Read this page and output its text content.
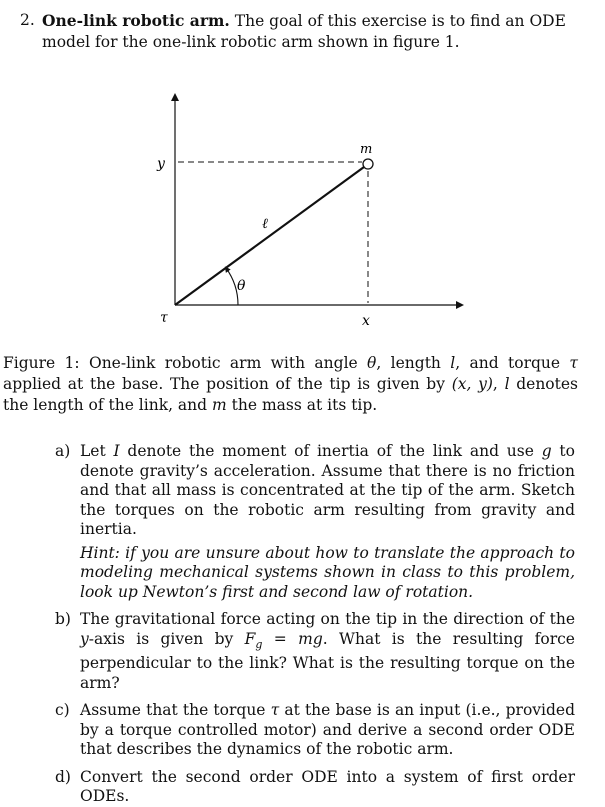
2. One-link robotic arm. The goal of this exercise is to find an ODE model for the one-link robotic arm shown in figure 1.
y
x
m
ℓ
θ
τ
Figure 1: One-link robotic arm with angle θ, length l, and torque τ applied at the base. The position of the tip is given by (x, y), l denotes the length of the link, and m the mass at its tip.
a) Let I denote the moment of inertia of the link and use g to denote gravity’s acceleration. Assume that there is no friction and that all mass is concentrated at the tip of the arm. Sketch the torques on the robotic arm resulting from gravity and inertia.
Hint: if you are unsure about how to translate the approach to modeling mechanical systems shown in class to this problem, look up Newton’s first and second law of rotation.
b) The gravitational force acting on the tip in the direction of the y-axis is given by $F_g$ = mg. What is the resulting force perpendicular to the link? What is the resulting torque on the arm?
c) Assume that the torque τ at the base is an input (i.e., provided by a torque controlled motor) and derive a second order ODE that describes the dynamics of the robotic arm.
d) Convert the second order ODE into a system of first order ODEs.
